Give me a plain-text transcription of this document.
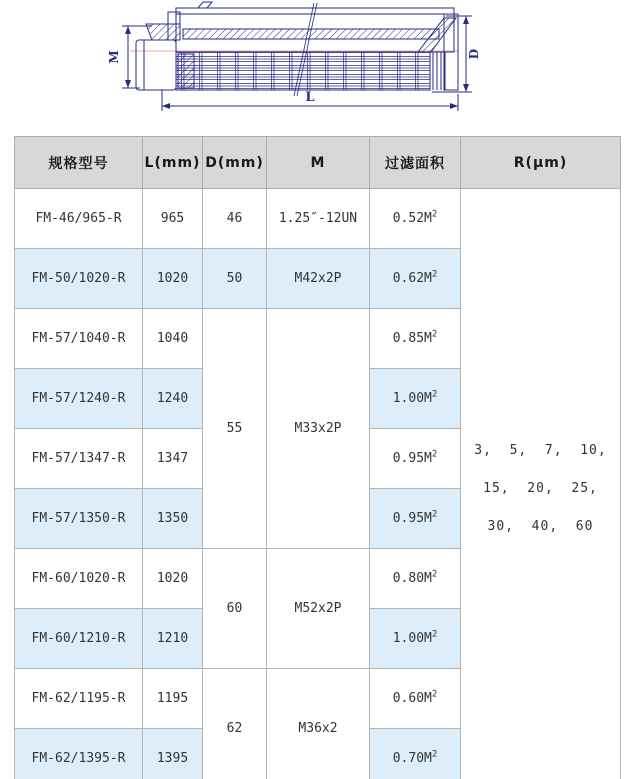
M	D
L
规格型号	L(mm)	D(mm)	M	过滤面积	R(μm)
FM-46/965-R	965	46	1.25″-12UN	$0.52M^2$	3,  5,  7,  10,
15,  20,  25,
30,  40,  60

FM-50/1020-R	1020	50	M42x2P	$0.62M^2$
FM-57/1040-R	1040	55	M33x2P	$0.85M^2$
FM-57/1240-R	1240			$1.00M^2$
FM-57/1347-R	1347			$0.95M^2$
FM-57/1350-R	1350			$0.95M^2$
FM-60/1020-R	1020	60	M52x2P	$0.80M^2$
FM-60/1210-R	1210			$1.00M^2$
FM-62/1195-R	1195	62	M36x2	$0.60M^2$
FM-62/1395-R	1395			$0.70M^2$
